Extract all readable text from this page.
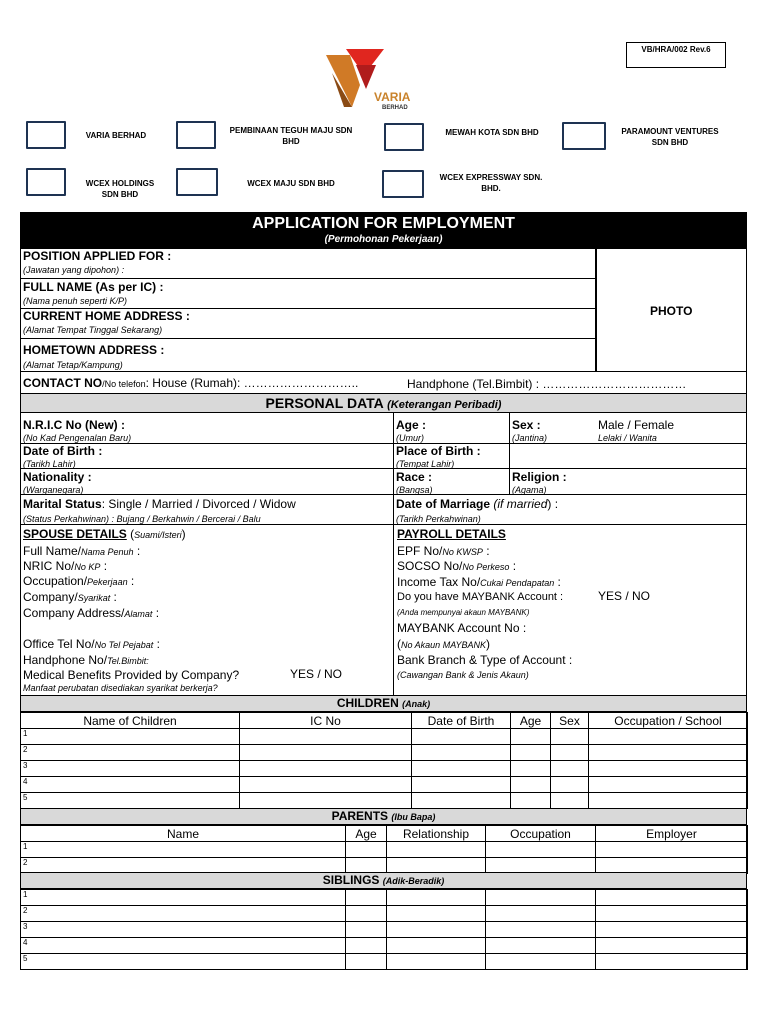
VB/HRA/002 Rev.6
VARIA
BERHAD
VARIA BERHAD
PEMBINAAN TEGUH MAJU SDN BHD
MEWAH KOTA SDN BHD	PARAMOUNT VENTURES SDN BHD
WCEX HOLDINGS SDN BHD
WCEX MAJU SDN BHD
WCEX EXPRESSWAY SDN. BHD.
APPLICATION FOR EMPLOYMENT
(Permohonan Pekerjaan)
POSITION APPLIED FOR :
(Jawatan yang dipohon) :
FULL NAME (As per IC) :
(Nama penuh seperti K/P)
CURRENT HOME ADDRESS :
(Alamat Tempat Tinggal Sekarang)
HOMETOWN ADDRESS :
(Alamat Tetap/Kampung)
PHOTO
CONTACT NO/No telefon: House (Rumah): ………………………..	Handphone (Tel.Bimbit) : ………………………………
PERSONAL DATA (Keterangan Peribadi)
N.R.I.C No (New) :
(No Kad Pengenalan Baru)
Age :
(Umur)
Sex :
(Jantina)
Male / Female
Lelaki / Wanita
Date of Birth :
(Tarikh Lahir)
Place of Birth :
(Tempat Lahir)
Nationality :
(Warganegara)
Race :
(Bangsa)
Religion :
(Agama)
Marital Status: Single / Married / Divorced / Widow
(Status Perkahwinan) : Bujang / Berkahwin / Bercerai / Balu
Date of Marriage (if married) :
(Tarikh Perkahwinan)
SPOUSE DETAILS (Suami/Isteri)
Full Name/Nama Penuh :
NRIC No/No KP :
Occupation/Pekerjaan :
Company/Syarikat :
Company Address/Alamat :
Office Tel No/No Tel Pejabat :
Handphone No/Tel.Bimbit:
Medical Benefits Provided by Company?	YES / NO
Manfaat perubatan disediakan syarikat berkerja?
PAYROLL DETAILS
EPF No/No KWSP :
SOCSO No/No Perkeso :
Income Tax No/Cukai Pendapatan :
Do you have MAYBANK Account :	YES / NO
(Anda mempunyai akaun MAYBANK)
MAYBANK Account No :
(No Akaun MAYBANK)
Bank Branch & Type of Account :
(Cawangan Bank & Jenis Akaun)
CHILDREN (Anak)
Name of Children	IC No	Date of Birth	Age	Sex	Occupation / School
1					
2					
3					
4					
5					
PARENTS (Ibu Bapa)
Name	Age	Relationship	Occupation	Employer
1				
2				
SIBLINGS (Adik-Beradik)
1				
2				
3				
4				
5				
